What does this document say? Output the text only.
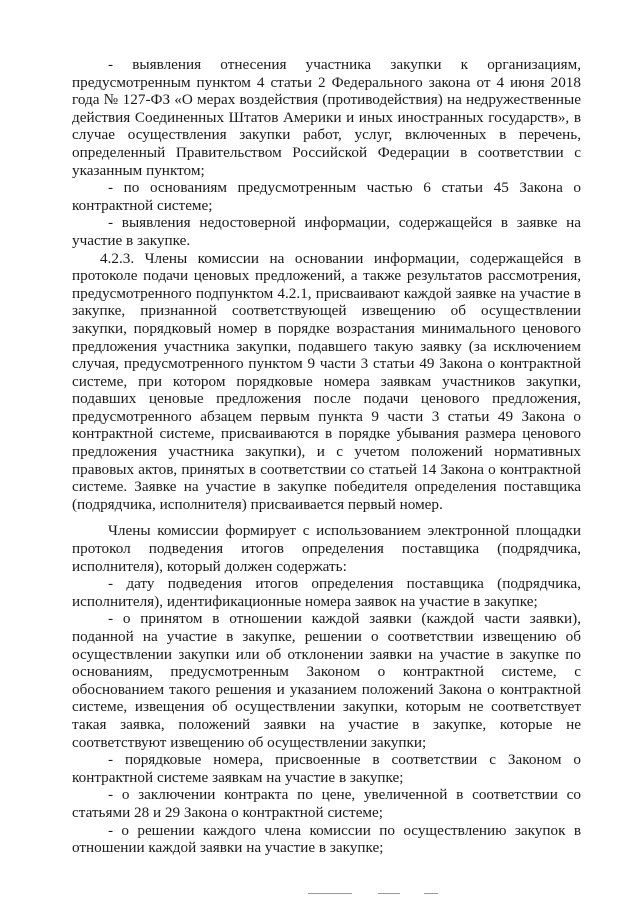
- выявления отнесения участника закупки к организациям, предусмотренным пунктом 4 статьи 2 Федерального закона от 4 июня 2018 года № 127-ФЗ «О мерах воздействия (противодействия) на недружественные действия Соединенных Штатов Америки и иных иностранных государств», в случае осуществления закупки работ, услуг, включенных в перечень, определенный Правительством Российской Федерации в соответствии с указанным пунктом;

- по основаниям предусмотренным частью 6 статьи 45 Закона о контрактной системе;

- выявления недостоверной информации, содержащейся в заявке на участие в закупке.

4.2.3. Члены комиссии на основании информации, содержащейся в протоколе подачи ценовых предложений, а также результатов рассмотрения, предусмотренного подпунктом 4.2.1, присваивают каждой заявке на участие в закупке, признанной соответствующей извещению об осуществлении закупки, порядковый номер в порядке возрастания минимального ценового предложения участника закупки, подавшего такую заявку (за исключением случая, предусмотренного пунктом 9 части 3 статьи 49 Закона о контрактной системе, при котором порядковые номера заявкам участников закупки, подавших ценовые предложения после подачи ценового предложения, предусмотренного абзацем первым пункта 9 части 3 статьи 49 Закона о контрактной системе, присваиваются в порядке убывания размера ценового предложения участника закупки), и с учетом положений нормативных правовых актов, принятых в соответствии со статьей 14 Закона о контрактной системе. Заявке на участие в закупке победителя определения поставщика (подрядчика, исполнителя) присваивается первый номер.

Члены комиссии формирует с использованием электронной площадки протокол подведения итогов определения поставщика (подрядчика, исполнителя), который должен содержать:

- дату подведения итогов определения поставщика (подрядчика, исполнителя), идентификационные номера заявок на участие в закупке;

- о принятом в отношении каждой заявки (каждой части заявки), поданной на участие в закупке, решении о соответствии извещению об осуществлении закупки или об отклонении заявки на участие в закупке по основаниям, предусмотренным Законом о контрактной системе, с обоснованием такого решения и указанием положений Закона о контрактной системе, извещения об осуществлении закупки, которым не соответствует такая заявка, положений заявки на участие в закупке, которые не соответствуют извещению об осуществлении закупки;

- порядковые номера, присвоенные в соответствии с Законом о контрактной системе заявкам на участие в закупке;

- о заключении контракта по цене, увеличенной в соответствии со статьями 28 и 29 Закона о контрактной системе;

- о решении каждого члена комиссии по осуществлению закупок в отношении каждой заявки на участие в закупке;
